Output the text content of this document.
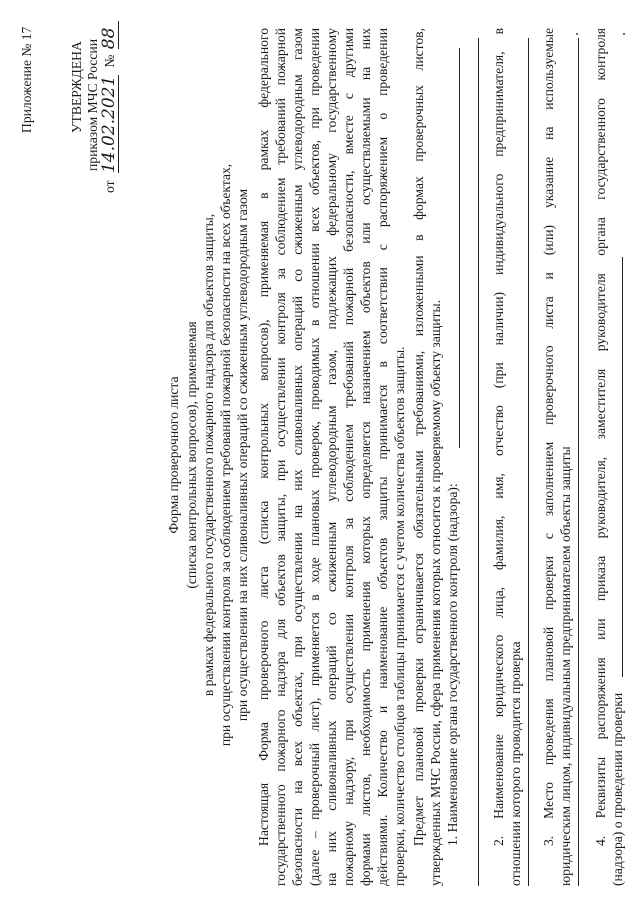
Приложение № 17	УТВЕРЖДЕНА приказом МЧС России
от 14.02.2021 № 88
Форма проверочного листа (списка контрольных вопросов), применяемая в рамках федерального государственного пожарного надзора для объектов защиты, при осуществлении контроля за соблюдением требований пожарной безопасности на всех объектах, при осуществлении на них сливоналивных операций со сжиженным углеводородным газом Настоящая Форма проверочного листа (списка контрольных вопросов), применяемая в рамках федерального государственного пожарного надзора для объектов защиты, при осуществлении контроля за соблюдением требований пожарной безопасности на всех объектах, при осуществлении на них сливоналивных операций со сжиженным углеводородным газом (далее – проверочный лист), применяется в ходе плановых проверок, проводимых в отношении всех объектов, при проведении на них сливоналивных операций со сжиженным углеводородным газом, подлежащих федеральному государственному пожарному надзору, при осуществлении контроля за соблюдением требований пожарной безопасности, вместе с другими формами листов, необходимость применения которых определяется назначением объектов или осуществляемыми на них действиями. Количество и наименование объектов защиты принимается в соответствии с распоряжением о проведении проверки, количество столбцов таблицы принимается с учетом количества объектов защиты. Предмет плановой проверки ограничивается обязательными требованиями, изложенными в формах проверочных листов, утвержденных МЧС России, сфера применения которых относится к проверяемому объекту защиты. 1. Наименование органа государственного контроля (надзора): 2. Наименование юридического лица, фамилия, имя, отчество (при наличии) индивидуального предпринимателя, в отношении которого проводится проверка 3. Место проведения плановой проверки с заполнением проверочного листа и (или) указание на используемые юридическим лицом, индивидуальным предпринимателем объекты защиты 4. Реквизиты распоряжения или приказа руководителя, заместителя руководителя органа государственного контроля (надзора) о проведении проверки
